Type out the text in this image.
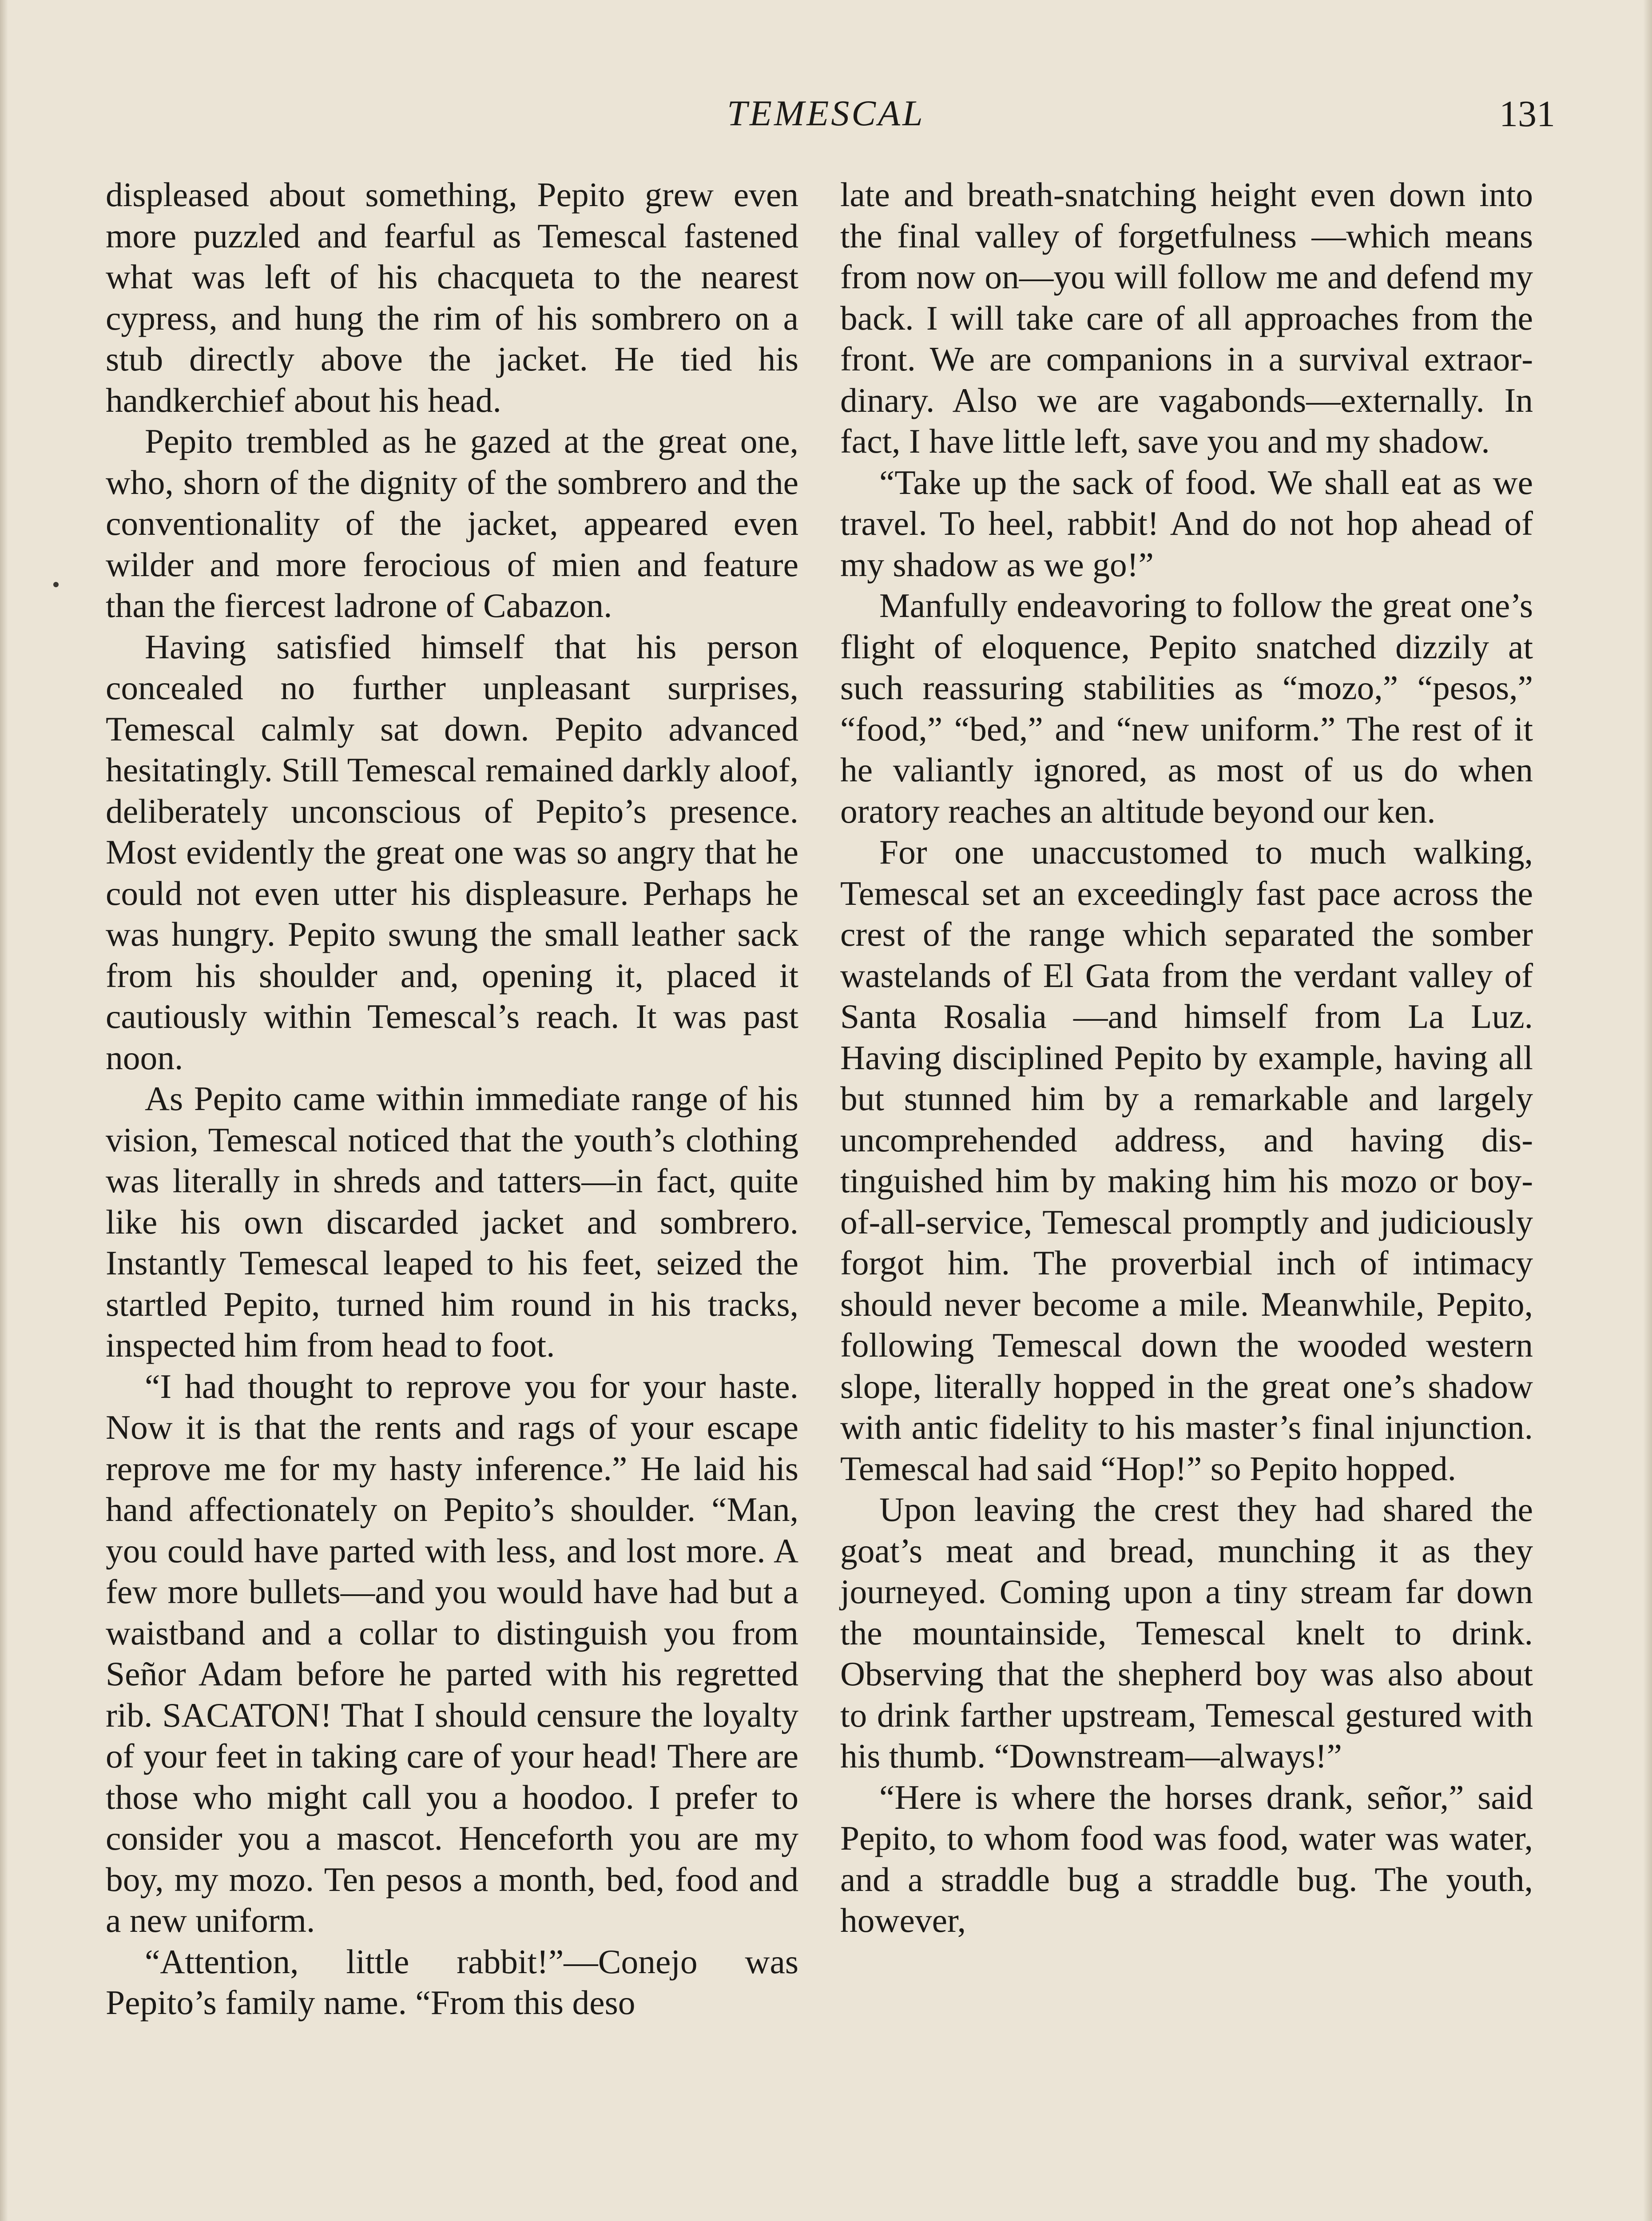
TEMESCAL	131

displeased about something, Pepito grew even more puzzled and fearful as Temescal fastened what was left of his chacqueta to the nearest cypress, and hung the rim of his sombrero on a stub directly above the jacket. He tied his handkerchief about his head.

Pepito trembled as he gazed at the great one, who, shorn of the dignity of the sombrero and the conventionality of the jacket, appeared even wilder and more ferocious of mien and feature than the fiercest ladrone of Cabazon.

Having satisfied himself that his person concealed no further unpleasant surprises, Temescal calmly sat down. Pepito advanced hesitatingly. Still Temescal remained darkly aloof, deliberately unconscious of Pepito’s presence. Most evidently the great one was so angry that he could not even utter his displeasure. Perhaps he was hungry. Pepito swung the small leather sack from his shoulder and, opening it, placed it cautiously within Temescal’s reach. It was past noon.

As Pepito came within immediate range of his vision, Temescal noticed that the youth’s clothing was literally in shreds and tatters—in fact, quite like his own discarded jacket and sombrero. Instantly Temescal leaped to his feet, seized the startled Pepito, turned him round in his tracks, inspected him from head to foot.

“I had thought to reprove you for your haste. Now it is that the rents and rags of your escape reprove me for my hasty inference.” He laid his hand affectionately on Pepito’s shoulder. “Man, you could have parted with less, and lost more. A few more bullets—and you would have had but a waistband and a collar to distinguish you from Señor Adam before he parted with his regretted rib. SACATON! That I should censure the loyalty of your feet in taking care of your head! There are those who might call you a hoodoo. I prefer to consider you a mascot. Henceforth you are my boy, my mozo. Ten pesos a month, bed, food and a new uniform.

“Attention, little rabbit!”—Conejo was Pepito’s family name. “From this deso

late and breath-snatching height even down into the final valley of forgetfulness —which means from now on—you will follow me and defend my back. I will take care of all approaches from the front. We are companions in a survival extraordinary. Also we are vagabonds—externally. In fact, I have little left, save you and my shadow.

“Take up the sack of food. We shall eat as we travel. To heel, rabbit! And do not hop ahead of my shadow as we go!”

Manfully endeavoring to follow the great one’s flight of eloquence, Pepito snatched dizzily at such reassuring stabilities as “mozo,” “pesos,” “food,” “bed,” and “new uniform.” The rest of it he valiantly ignored, as most of us do when oratory reaches an altitude beyond our ken.

For one unaccustomed to much walking, Temescal set an exceedingly fast pace across the crest of the range which separated the somber wastelands of El Gata from the verdant valley of Santa Rosalia —and himself from La Luz. Having disciplined Pepito by example, having all but stunned him by a remarkable and largely uncomprehended address, and having distinguished him by making him his mozo or boy-of-all-service, Temescal promptly and judiciously forgot him. The proverbial inch of intimacy should never become a mile. Meanwhile, Pepito, following Temescal down the wooded western slope, literally hopped in the great one’s shadow with antic fidelity to his master’s final injunction. Temescal had said “Hop!” so Pepito hopped.

Upon leaving the crest they had shared the goat’s meat and bread, munching it as they journeyed. Coming upon a tiny stream far down the mountainside, Temescal knelt to drink. Observing that the shepherd boy was also about to drink farther upstream, Temescal gestured with his thumb. “Downstream—always!”

“Here is where the horses drank, señor,” said Pepito, to whom food was food, water was water, and a straddle bug a straddle bug. The youth, however,
